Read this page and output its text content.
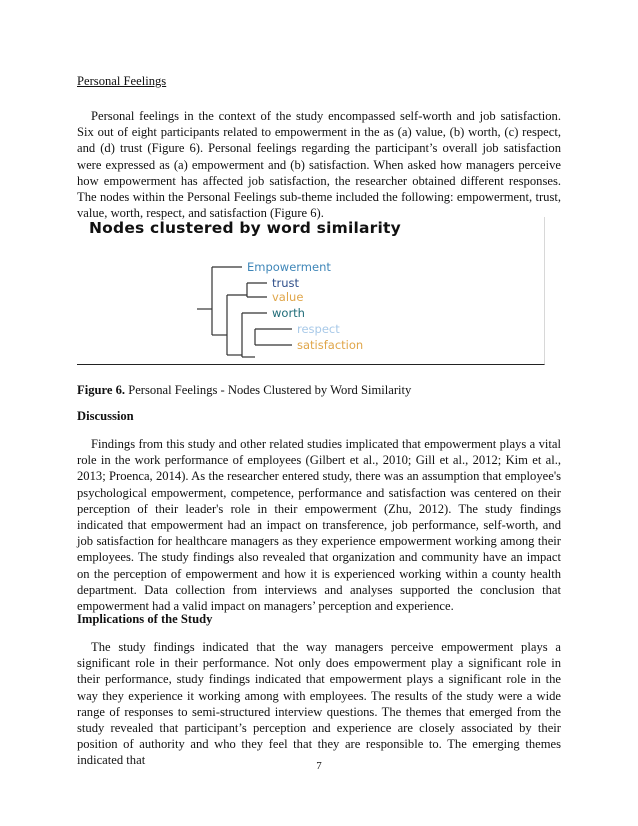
Personal Feelings

Personal feelings in the context of the study encompassed self-worth and job satisfaction. Six out of eight participants related to empowerment in the as (a) value, (b) worth, (c) respect, and (d) trust (Figure 6). Personal feelings regarding the participant’s overall job satisfaction were expressed as (a) empowerment and (b) satisfaction. When asked how managers perceive how empowerment has affected job satisfaction, the researcher obtained different responses. The nodes within the Personal Feelings sub-theme included the following: empowerment, trust, value, worth, respect, and satisfaction (Figure 6).

Nodes clustered by word similarity
Empowerment
trust
value
worth
respect
satisfaction
Figure 6. Personal Feelings - Nodes Clustered by Word Similarity

Discussion

Findings from this study and other related studies implicated that empowerment plays a vital role in the work performance of employees (Gilbert et al., 2010; Gill et al., 2012; Kim et al., 2013; Proenca, 2014). As the researcher entered study, there was an assumption that employee's psychological empowerment, competence, performance and satisfaction was centered on their perception of their leader's role in their empowerment (Zhu, 2012). The study findings indicated that empowerment had an impact on transference, job performance, self-worth, and job satisfaction for healthcare managers as they experience empowerment working among their employees. The study findings also revealed that organization and community have an impact on the perception of empowerment and how it is experienced working within a county health department. Data collection from interviews and analyses supported the conclusion that empowerment had a valid impact on managers’ perception and experience.

Implications of the Study

The study findings indicated that the way managers perceive empowerment plays a significant role in their performance. Not only does empowerment play a significant role in their performance, study findings indicated that empowerment plays a significant role in the way they experience it working among with employees. The results of the study were a wide range of responses to semi-structured interview questions. The themes that emerged from the study revealed that participant’s perception and experience are closely associated by their position of authority and who they feel that they are responsible to. The emerging themes indicated that	7
